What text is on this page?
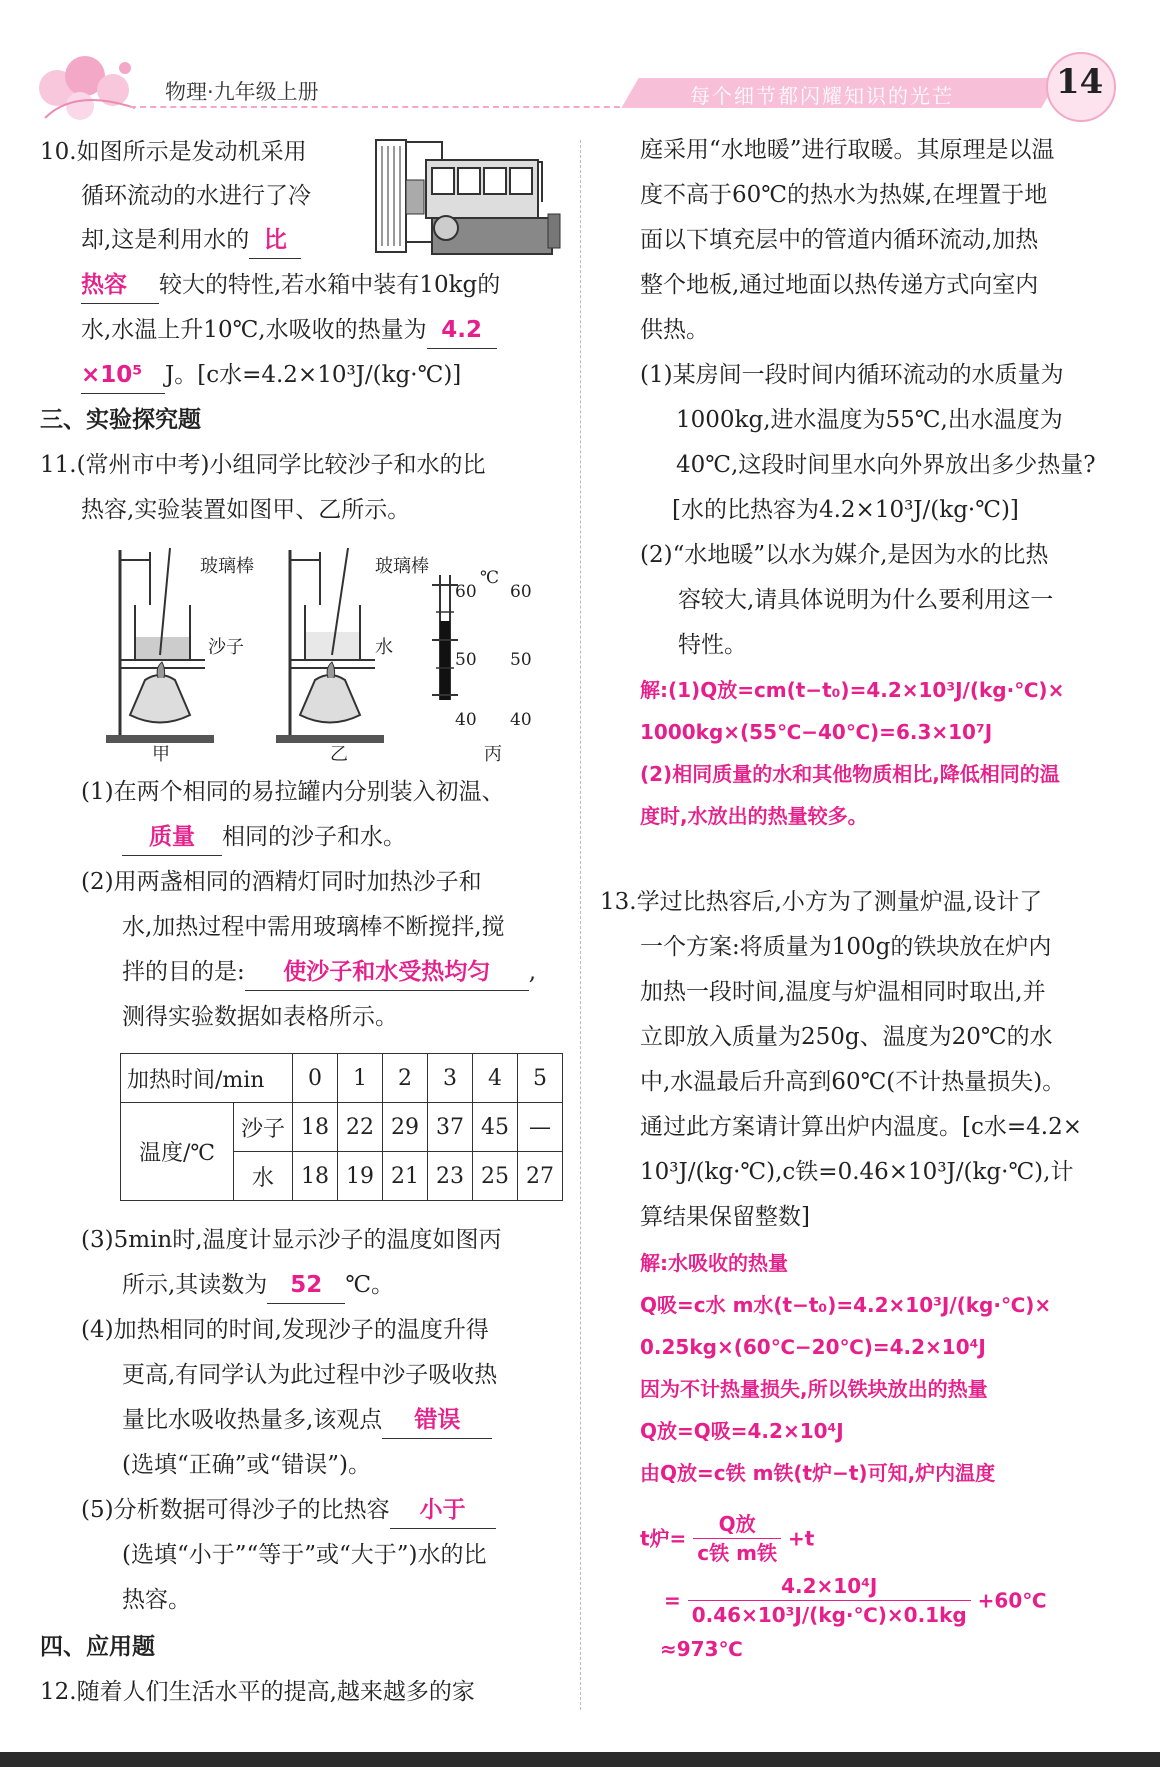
物理·九年级上册	每个细节都闪耀知识的光芒	14
10.如图所示是发动机采用
循环流动的水进行了冷
却,这是利用水的 比
热容 较大的特性,若水箱中装有10kg的
水,水温上升10℃,水吸收的热量为 4.2
×10⁵ J。[c水=4.2×10³J/(kg·℃)]
三、实验探究题
11.(常州市中考)小组同学比较沙子和水的比
热容,实验装置如图甲、乙所示。
玻璃棒
沙子
玻璃棒
水
℃
60 60
50 50
40 40
甲	乙	丙
(1)在两个相同的易拉罐内分别装入初温、
质量 相同的沙子和水。
(2)用两盏相同的酒精灯同时加热沙子和
水,加热过程中需用玻璃棒不断搅拌,搅
拌的目的是: 使沙子和水受热均匀 ,
测得实验数据如表格所示。
加热时间/min		0	1	2	3	4	5
温度/℃	沙子	18	22	29	37	45	—
	水	18	19	21	23	25	27
(3)5min时,温度计显示沙子的温度如图丙
所示,其读数为 52 ℃。
(4)加热相同的时间,发现沙子的温度升得
更高,有同学认为此过程中沙子吸收热
量比水吸收热量多,该观点 错误
(选填“正确”或“错误”)。
(5)分析数据可得沙子的比热容 小于
(选填“小于”“等于”或“大于”)水的比
热容。
四、应用题
12.随着人们生活水平的提高,越来越多的家
庭采用“水地暖”进行取暖。其原理是以温
度不高于60℃的热水为热媒,在埋置于地
面以下填充层中的管道内循环流动,加热
整个地板,通过地面以热传递方式向室内
供热。
(1)某房间一段时间内循环流动的水质量为
1000kg,进水温度为55℃,出水温度为
40℃,这段时间里水向外界放出多少热量?
[水的比热容为4.2×10³J/(kg·℃)]
(2)“水地暖”以水为媒介,是因为水的比热
容较大,请具体说明为什么要利用这一
特性。
解:(1)Q放=cm(t−t₀)=4.2×10³J/(kg·℃)×
1000kg×(55℃−40℃)=6.3×10⁷J
(2)相同质量的水和其他物质相比,降低相同的温
度时,水放出的热量较多。
13.学过比热容后,小方为了测量炉温,设计了
一个方案:将质量为100g的铁块放在炉内
加热一段时间,温度与炉温相同时取出,并
立即放入质量为250g、温度为20℃的水
中,水温最后升高到60℃(不计热量损失)。
通过此方案请计算出炉内温度。[c水=4.2×
10³J/(kg·℃),c铁=0.46×10³J/(kg·℃),计
算结果保留整数]
解:水吸收的热量
Q吸=c水 m水(t−t₀)=4.2×10³J/(kg·℃)×
0.25kg×(60℃−20℃)=4.2×10⁴J
因为不计热量损失,所以铁块放出的热量
Q放=Q吸=4.2×10⁴J
由Q放=c铁 m铁(t炉−t)可知,炉内温度
t炉= $\frac{\text{Q放}}{\text{c铁 m铁}} +t$
= $\frac{\text{4.2×10⁴J}}{\text{0.46×10³J/(kg·℃)×0.1kg}}$ +60℃
≈973℃
